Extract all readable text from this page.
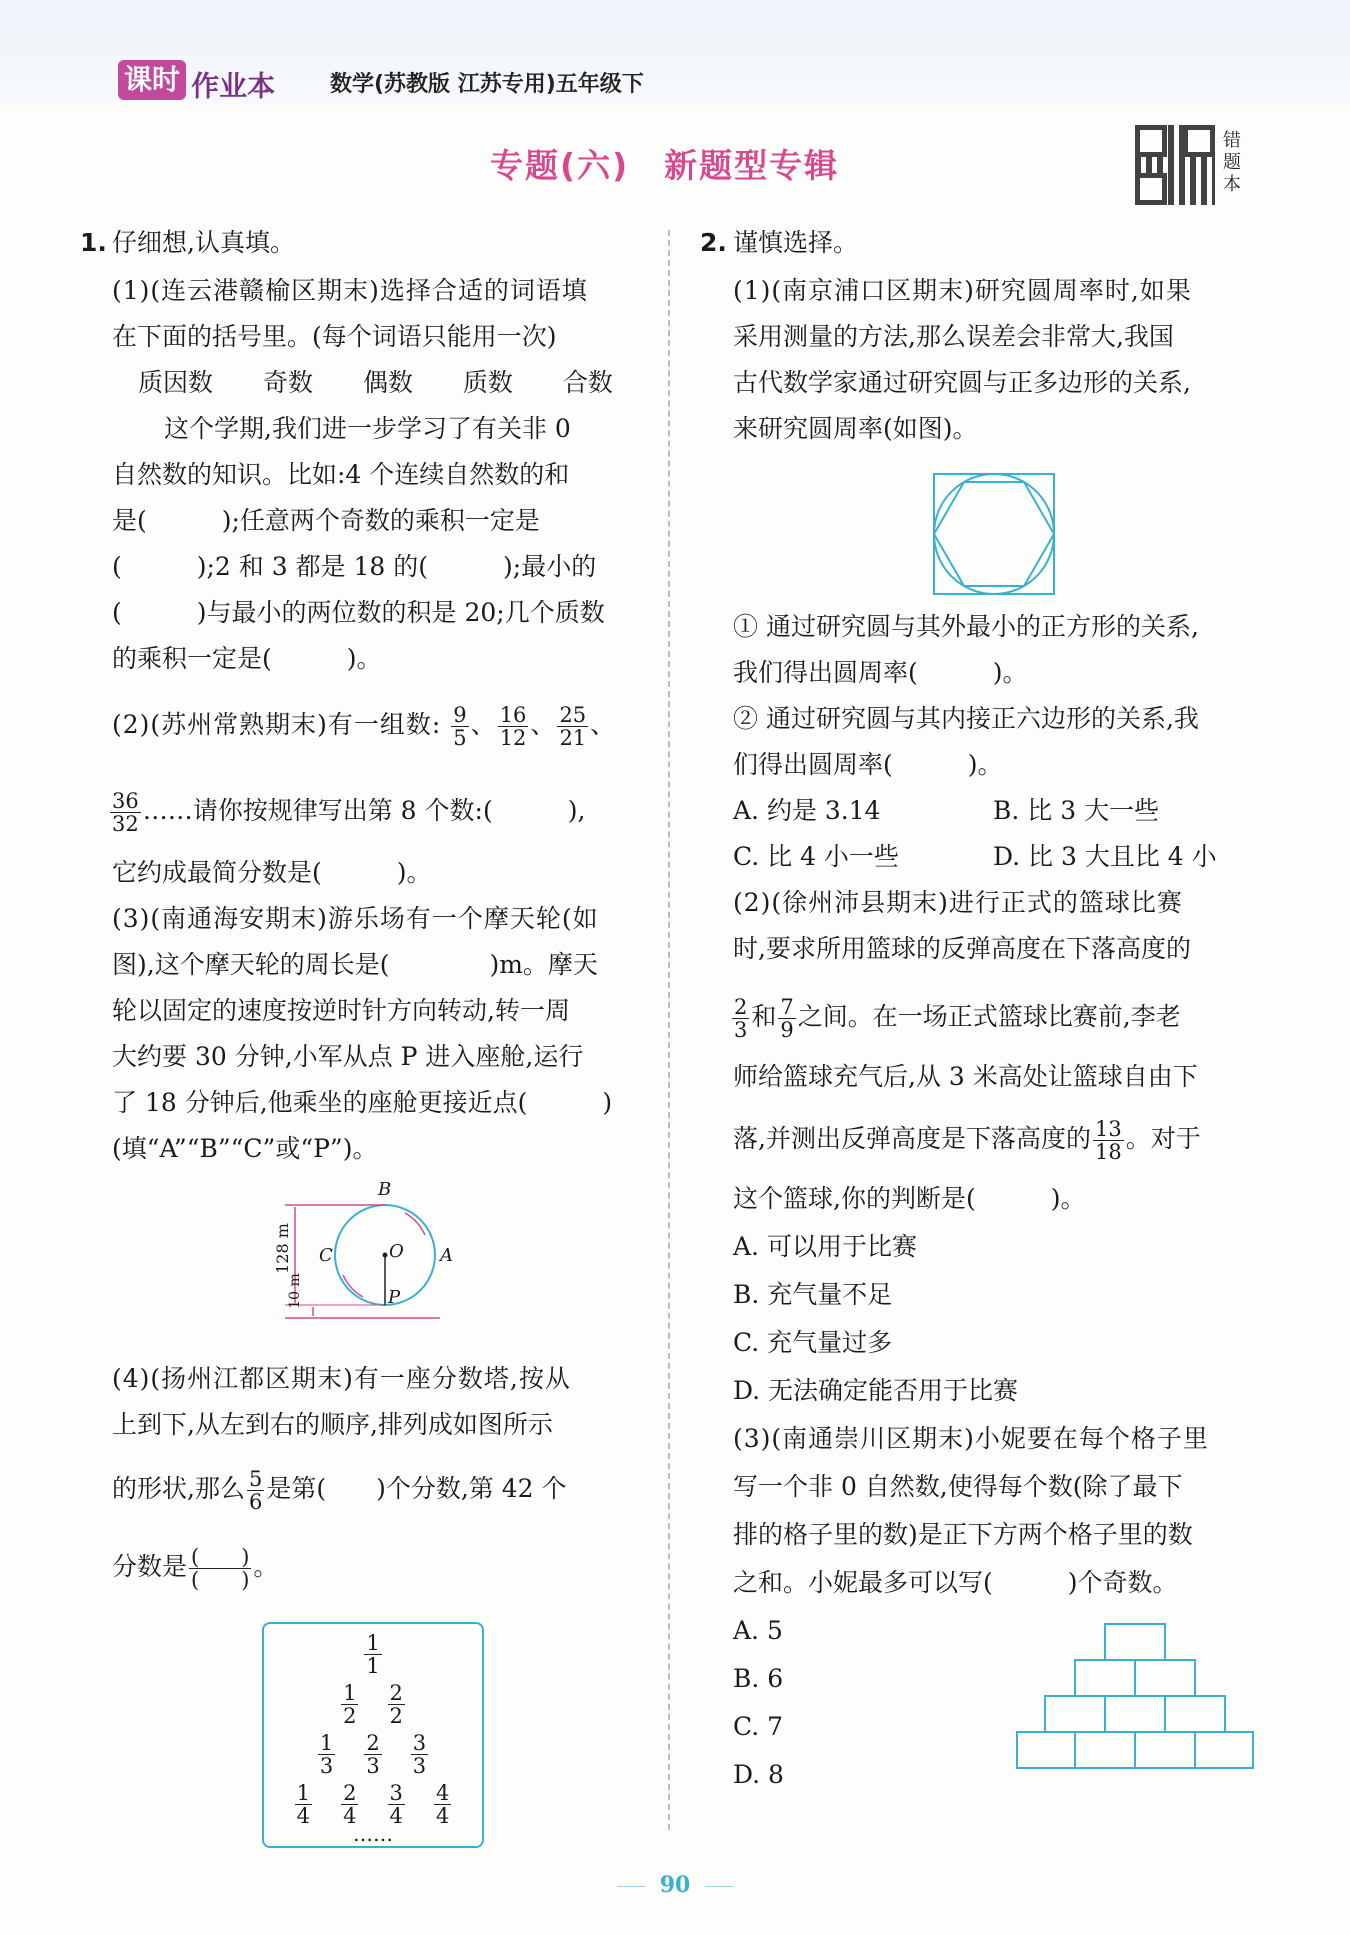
课时 作业本 数学(苏教版 江苏专用)五年级下
专题(六)　新题型专辑
错题本
1. 仔细想,认真填。
(1)(连云港赣榆区期末)选择合适的词语填
在下面的括号里。(每个词语只能用一次)
质因数 奇数 偶数 质数 合数
这个学期,我们进一步学习了有关非 0
自然数的知识。比如:4 个连续自然数的和
是(　　　);任意两个奇数的乘积一定是
(　　　);2 和 3 都是 18 的(　　　);最小的
(　　　)与最小的两位数的积是 20;几个质数
的乘积一定是(　　　)。
(2)(苏州常熟期末)有一组数: $\frac{9}{5}$ 、 $\frac{16}{12}$ 、 $\frac{25}{21}$ 、
$\frac{36}{32}$ ……请你按规律写出第 8 个数:(　　　),
它约成最简分数是(　　　)。
(3)(南通海安期末)游乐场有一个摩天轮(如
图),这个摩天轮的周长是(　　　　)m。摩天
轮以固定的速度按逆时针方向转动,转一周
大约要 30 分钟,小军从点 P 进入座舱,运行
了 18 分钟后,他乘坐的座舱更接近点(　　　)
(填“A”“B”“C”或“P”)。
B
A
C	O
P
128 m
10 m
(4)(扬州江都区期末)有一座分数塔,按从
上到下,从左到右的顺序,排列成如图所示
的形状,那么 $\frac{5}{6}$ 是第(　　)个分数,第 42 个
分数是 $\frac{( )}{( )}$ 。
$\frac{1}{1}$
$\frac{1}{2}$
$\frac{2}{2}$
$\frac{1}{3}$
$\frac{2}{3}$
$\frac{3}{3}$
$\frac{1}{4}$
$\frac{2}{4}$
$\frac{3}{4}$
$\frac{4}{4}$
……
2. 谨慎选择。
(1)(南京浦口区期末)研究圆周率时,如果
采用测量的方法,那么误差会非常大,我国
古代数学家通过研究圆与正多边形的关系,
来研究圆周率(如图)。
① 通过研究圆与其外最小的正方形的关系,
我们得出圆周率(　　　)。
② 通过研究圆与其内接正六边形的关系,我
们得出圆周率(　　　)。
A. 约是 3.14	B. 比 3 大一些
C. 比 4 小一些	D. 比 3 大且比 4 小
(2)(徐州沛县期末)进行正式的篮球比赛
时,要求所用篮球的反弹高度在下落高度的
$\frac{2}{3}$ 和 $\frac{7}{9}$ 之间。在一场正式篮球比赛前,李老
师给篮球充气后,从 3 米高处让篮球自由下
落,并测出反弹高度是下落高度的 $\frac{13}{18}$ 。对于
这个篮球,你的判断是(　　　)。
A. 可以用于比赛
B. 充气量不足
C. 充气量过多
D. 无法确定能否用于比赛
(3)(南通崇川区期末)小妮要在每个格子里
写一个非 0 自然数,使得每个数(除了最下
排的格子里的数)是正下方两个格子里的数
之和。小妮最多可以写(　　　)个奇数。
A. 5
B. 6
C. 7
D. 8
90
